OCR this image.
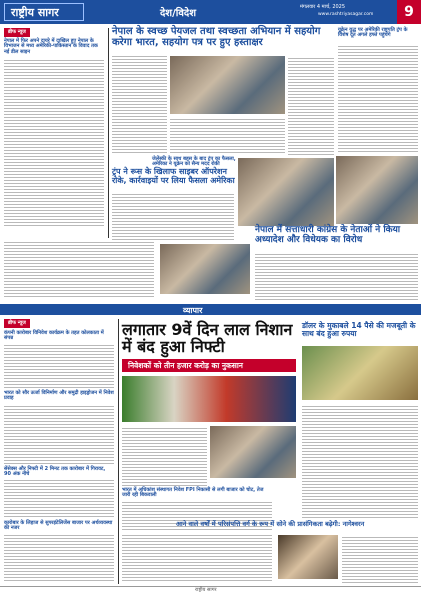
राष्ट्रीय सागर	देश/विदेश
मंगलवार 4 मार्च, 2025
www.rashtriyasagar.com	9
ब्रीफ न्यूज
नेपाल में फिर अपने दायरे में दाखिल हुए नेपाल के विभाजन से मध्य अमेरिकी-पाकिस्तान के विवाद तक नई डील साइन
नेपाल के स्वच्छ पेयजल तथा स्वच्छता अभियान में सहयोग करेगा भारत, सहयोग पत्र पर हुए हस्ताक्षर
यूक्रेन युद्ध पर अमेरिकी राष्ट्रपति ट्रंप के विशेष दूत अगले हफ्ते पहुंचेंगे
जेलेंस्की के साथ बहस के बाद ट्रंप का फैसला, अमेरिका ने यूक्रेन को सैन्य मदद रोकी
ट्रंप ने रूस के खिलाफ साइबर ऑपरेशन रोके, कार्रवाइयों पर लिया फैसला अमेरिका
नेपाल में सत्ताधारी कांग्रेस के नेताओं ने किया अध्यादेश और विधेयक का विरोध
व्यापार
ब्रीफ न्यूज
कंपनी कारोबार विनिवेश कार्यक्रम के तहत कोलकाता में संपन्न
भारत को सौर ऊर्जा विनिर्माण और समुद्री हाइड्रोजन में निवेश प्रवाह
सेंसेक्स और निफ्टी में 2 मिनट तक कारोबार में गिरावट, 90 अंक नीचे
कारोबार के लिहाज से सुपरइंटेलिजेंस बाजार पर अर्थव्यवस्था की नजर
लगातार 9वें दिन लाल निशान में बंद हुआ निफ्टी
निवेशकों को तीन हजार करोड़ का नुकसान
डॉलर के मुकाबले 14 पैसे की मजबूती के साथ बंद हुआ रुपया
भारत में अधिकांश संस्थागत निवेश FPI निकासी से लगी बाजार को चोट, तेज जारी रही बिकवाली
आने वाले वर्षों में परिसंपत्ति वर्ग के रूप में सोने की प्रासंगिकता बढ़ेगी: नागेश्वरन
राष्ट्रीय सागर
